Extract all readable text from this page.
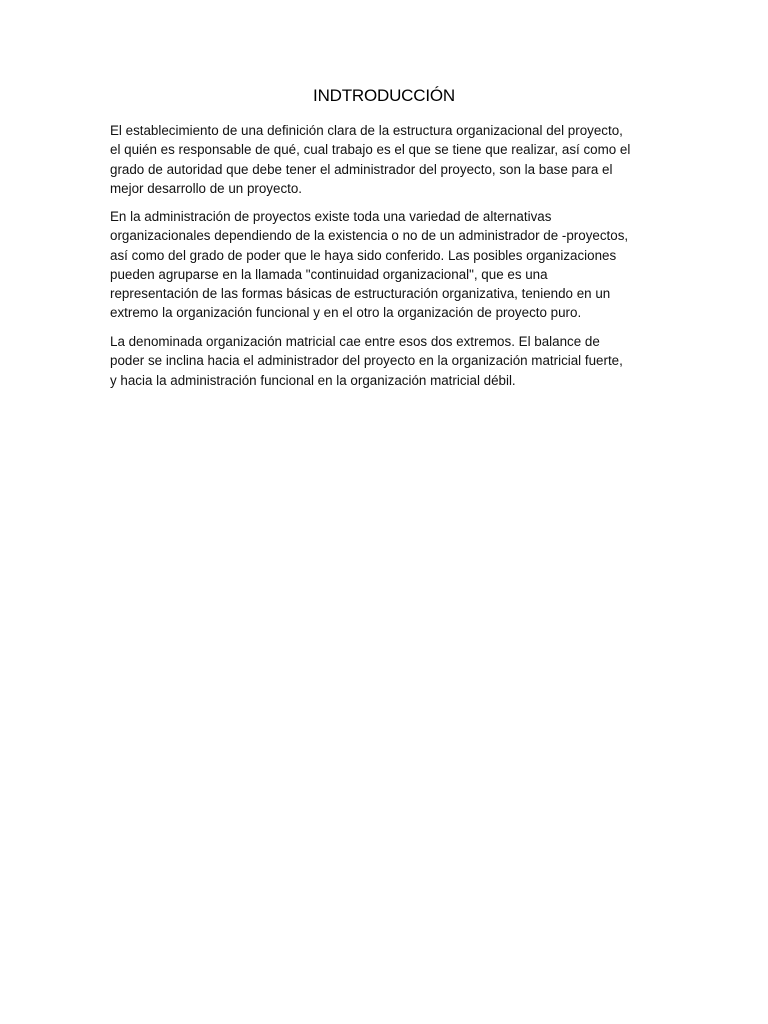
INDTRODUCCIÓN

El establecimiento de una definición clara de la estructura organizacional del proyecto,
el quién es responsable de qué, cual trabajo es el que se tiene que realizar, así como el
grado de autoridad que debe tener el administrador del proyecto, son la base para el
mejor desarrollo de un proyecto.

En la administración de proyectos existe toda una variedad de alternativas
organizacionales dependiendo de la existencia o no de un administrador de -proyectos,
así como del grado de poder que le haya sido conferido. Las posibles organizaciones
pueden agruparse en la llamada "continuidad organizacional", que es una
representación de las formas básicas de estructuración organizativa, teniendo en un
extremo la organización funcional y en el otro la organización de proyecto puro.

La denominada organización matricial cae entre esos dos extremos. El balance de
poder se inclina hacia el administrador del proyecto en la organización matricial fuerte,
y hacia la administración funcional en la organización matricial débil.
